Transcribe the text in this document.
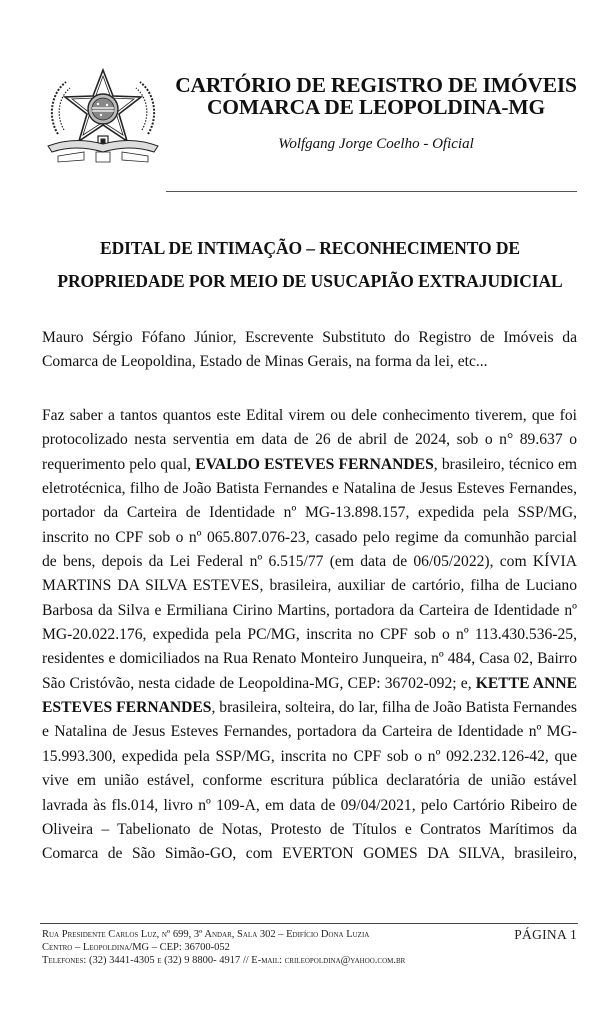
CARTÓRIO DE REGISTRO DE IMÓVEIS
COMARCA DE LEOPOLDINA-MG
Wolfgang Jorge Coelho - Oficial
EDITAL DE INTIMAÇÃO – RECONHECIMENTO DE
PROPRIEDADE POR MEIO DE USUCAPIÃO EXTRAJUDICIAL
Mauro Sérgio Fófano Júnior, Escrevente Substituto do Registro de Imóveis da
Comarca de Leopoldina, Estado de Minas Gerais, na forma da lei, etc...
Faz saber a tantos quantos este Edital virem ou dele conhecimento tiverem, que foi
protocolizado nesta serventia em data de 26 de abril de 2024, sob o n° 89.637 o
requerimento pelo qual, EVALDO ESTEVES FERNANDES, brasileiro, técnico em
eletrotécnica, filho de João Batista Fernandes e Natalina de Jesus Esteves Fernandes,
portador da Carteira de Identidade nº MG-13.898.157, expedida pela SSP/MG,
inscrito no CPF sob o nº 065.807.076-23, casado pelo regime da comunhão parcial
de bens, depois da Lei Federal nº 6.515/77 (em data de 06/05/2022), com KÍVIA
MARTINS DA SILVA ESTEVES, brasileira, auxiliar de cartório, filha de Luciano
Barbosa da Silva e Ermiliana Cirino Martins, portadora da Carteira de Identidade nº
MG-20.022.176, expedida pela PC/MG, inscrita no CPF sob o nº 113.430.536-25,
residentes e domiciliados na Rua Renato Monteiro Junqueira, nº 484, Casa 02, Bairro
São Cristóvão, nesta cidade de Leopoldina-MG, CEP: 36702-092; e, KETTE ANNE
ESTEVES FERNANDES, brasileira, solteira, do lar, filha de João Batista Fernandes
e Natalina de Jesus Esteves Fernandes, portadora da Carteira de Identidade nº MG-
15.993.300, expedida pela SSP/MG, inscrita no CPF sob o nº 092.232.126-42, que
vive em união estável, conforme escritura pública declaratória de união estável
lavrada às fls.014, livro nº 109-A, em data de 09/04/2021, pelo Cartório Ribeiro de
Oliveira – Tabelionato de Notas, Protesto de Títulos e Contratos Marítimos da
Comarca de São Simão-GO, com EVERTON GOMES DA SILVA, brasileiro,
Rua Presidente Carlos Luz, nº 699, 3º Andar, Sala 302 – Edifício Dona Luzia
Centro – Leopoldina/MG – CEP: 36700-052
Telefones: (32) 3441-4305 e (32) 9 8800- 4917 // E-mail: crileopoldina@yahoo.com.br
PÁGINA 1
